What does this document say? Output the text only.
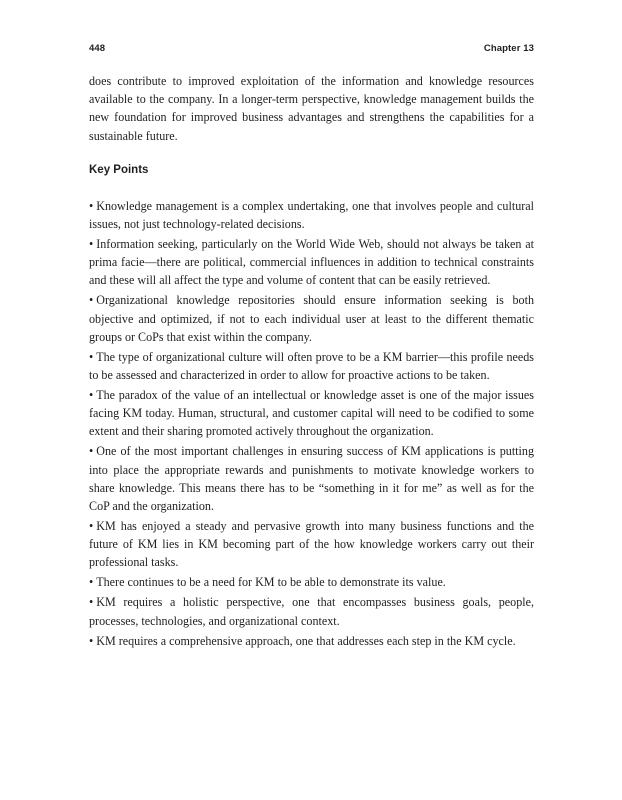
448	Chapter 13

does contribute to improved exploitation of the information and knowledge resources available to the company. In a longer-term perspective, knowledge management builds the new foundation for improved business advantages and strengthens the capabilities for a sustainable future.

Key Points
• Knowledge management is a complex undertaking, one that involves people and cultural issues, not just technology-related decisions.
• Information seeking, particularly on the World Wide Web, should not always be taken at prima facie—there are political, commercial influences in addition to technical constraints and these will all affect the type and volume of content that can be easily retrieved.
• Organizational knowledge repositories should ensure information seeking is both objective and optimized, if not to each individual user at least to the different thematic groups or CoPs that exist within the company.
• The type of organizational culture will often prove to be a KM barrier—this profile needs to be assessed and characterized in order to allow for proactive actions to be taken.
• The paradox of the value of an intellectual or knowledge asset is one of the major issues facing KM today. Human, structural, and customer capital will need to be codified to some extent and their sharing promoted actively throughout the organization.
• One of the most important challenges in ensuring success of KM applications is putting into place the appropriate rewards and punishments to motivate knowledge workers to share knowledge. This means there has to be “something in it for me” as well as for the CoP and the organization.
• KM has enjoyed a steady and pervasive growth into many business functions and the future of KM lies in KM becoming part of the how knowledge workers carry out their professional tasks.
• There continues to be a need for KM to be able to demonstrate its value.
• KM requires a holistic perspective, one that encompasses business goals, people, processes, technologies, and organizational context.
• KM requires a comprehensive approach, one that addresses each step in the KM cycle.
